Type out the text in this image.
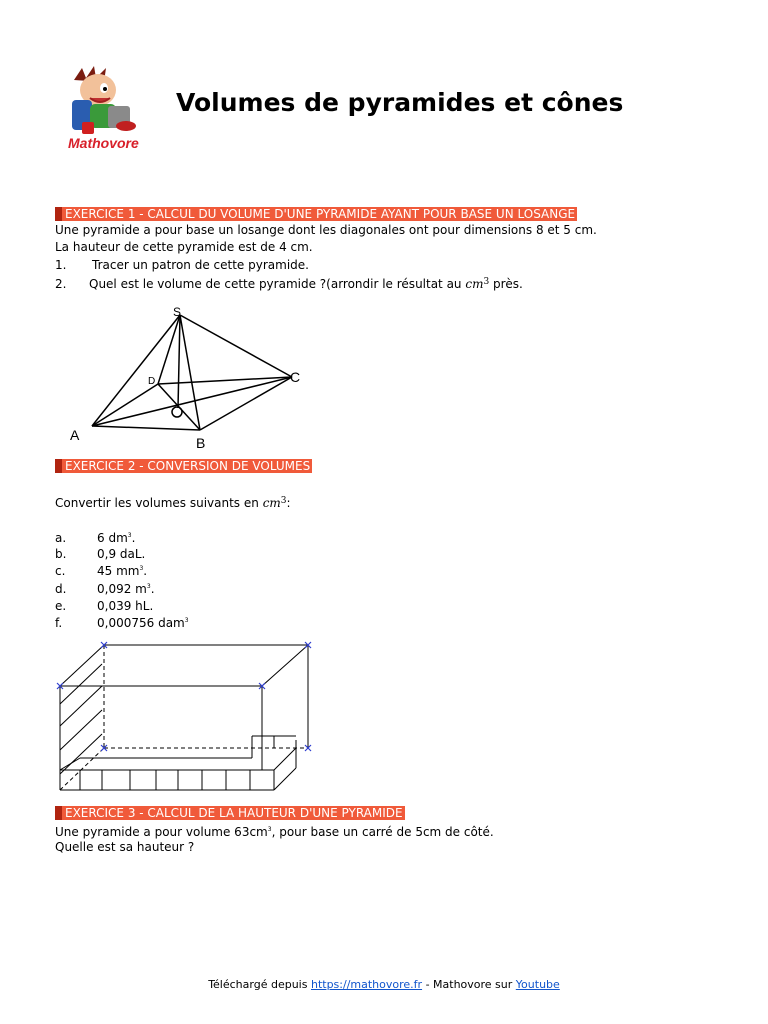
Mathovore
Volumes de pyramides et cônes
EXERCICE 1 - CALCUL DU VOLUME D'UNE PYRAMIDE AYANT POUR BASE UN LOSANGE
Une pyramide a pour base un losange dont les diagonales ont pour dimensions 8 et 5 cm.
La hauteur de cette pyramide est de 4 cm.
1. Tracer un patron de cette pyramide.
2. Quel est le volume de cette pyramide ?(arrondir le résultat au $cm^3$ près.
S
D	C
A	B
EXERCICE 2 - CONVERSION DE VOLUMES
Convertir les volumes suivants en $cm^3$:
a.	6 $dm^3$.
b.	0,9 daL.
c.	45 $mm^3$.
d.	0,092 $m^3$.
e.	0,039 hL.
f.	0,000756 dam$^3$
EXERCICE 3 - CALCUL DE LA HAUTEUR D'UNE PYRAMIDE
Une pyramide a pour volume $63cm^3$, pour base un carré de 5cm de côté.
Quelle est sa hauteur ?
Téléchargé depuis https://mathovore.fr - Mathovore sur Youtube
